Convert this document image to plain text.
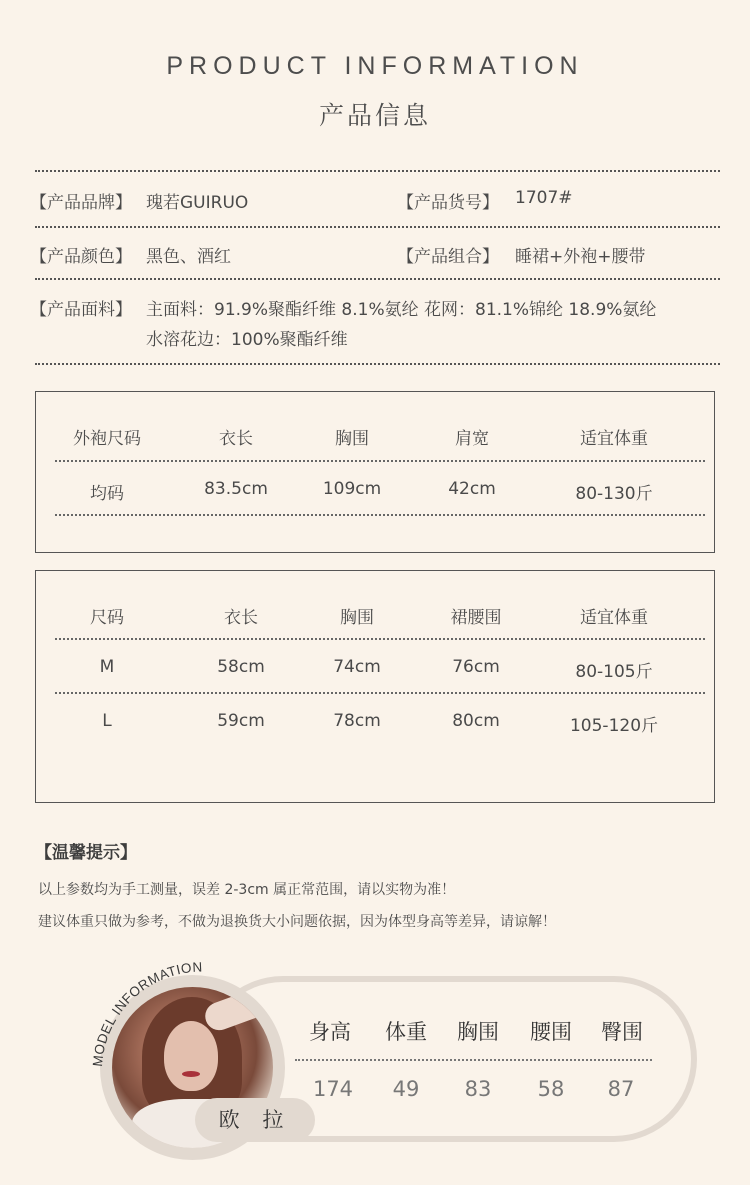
PRODUCT INFORMATION
产品信息
【产品品牌】 瑰若GUIRUO	【产品货号】 1707#
【产品颜色】 黑色、酒红	【产品组合】 睡裙+外袍+腰带
【产品面料】 主面料：91.9%聚酯纤维 8.1%氨纶 花网：81.1%锦纶 18.9%氨纶
水溶花边：100%聚酯纤维
外袍尺码	衣长	胸围	肩宽	适宜体重
均码	83.5cm	109cm	42cm	80-130斤
尺码	衣长	胸围	裙腰围	适宜体重
M	58cm	74cm	76cm	80-105斤
L	59cm	78cm	80cm	105-120斤
【温馨提示】
以上参数均为手工测量，误差 2-3cm 属正常范围，请以实物为准！
建议体重只做为参考，不做为退换货大小问题依据，因为体型身高等差异，请谅解！
MODEL INFORMATION
欧 拉
身高 体重 胸围 腰围 臀围
174 49 83 58 87
